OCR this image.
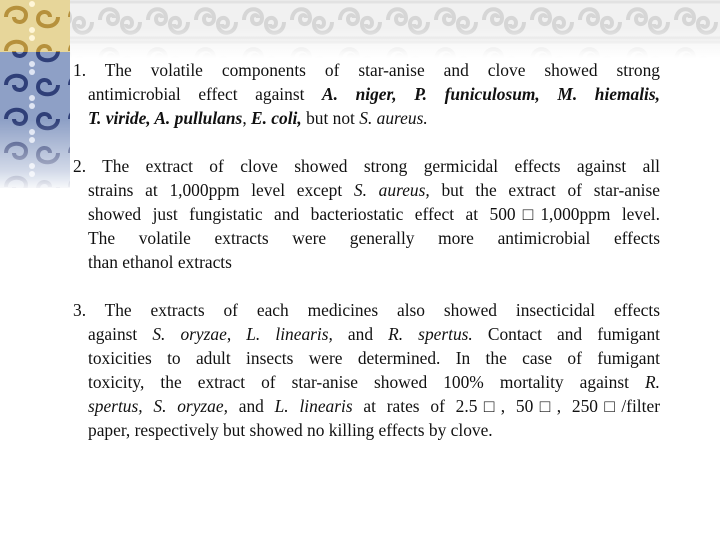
1. The volatile components of star-anise and clove showed strong
antimicrobial effect against A. niger, P. funiculosum, M. hiemalis,
T. viride, A. pullulans, E. coli, but not S. aureus.
2. The extract of clove showed strong germicidal effects against all
strains at 1,000ppm level except S. aureus, but the extract of star-anise
showed just fungistatic and bacteriostatic effect at 500□1,000ppm level.
The volatile extracts were generally more antimicrobial effects
than ethanol extracts
3. The extracts of each medicines also showed insecticidal effects
against S. oryzae, L. linearis, and R. spertus. Contact and fumigant
toxicities to adult insects were determined. In the case of fumigant
toxicity, the extract of star-anise showed 100% mortality against R.
spertus, S. oryzae, and L. linearis at rates of 2.5□, 50□, 250□/filter
paper, respectively but showed no killing effects by clove.
